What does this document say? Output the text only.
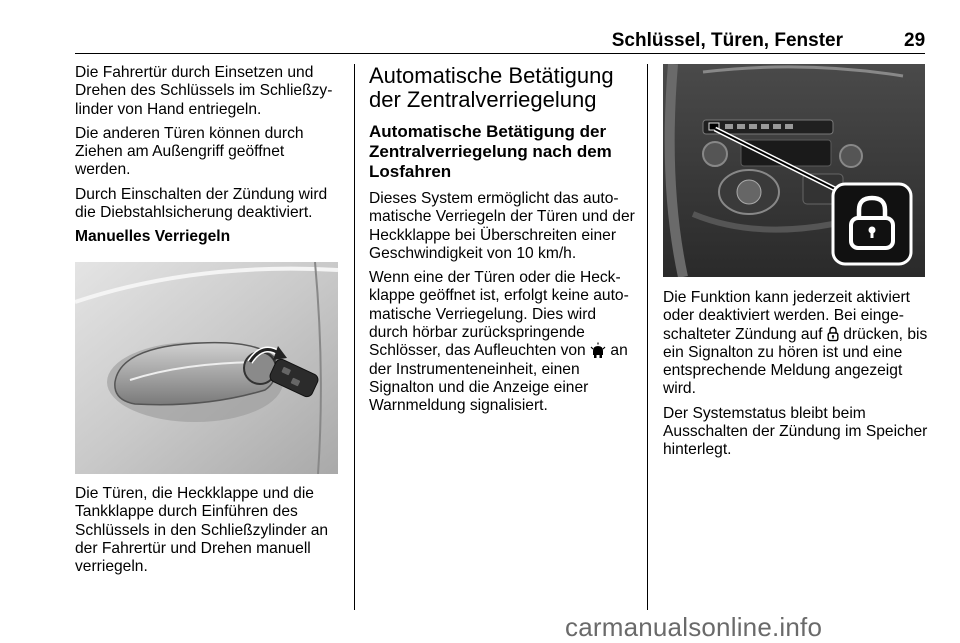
Schlüssel, Türen, Fenster	29

Die Fahrertür durch Einsetzen und Drehen des Schlüssels im Schließzylinder von Hand entriegeln.

Die anderen Türen können durch Ziehen am Außengriff geöffnet werden.

Durch Einschalten der Zündung wird die Diebstahlsicherung deaktiviert.

Manuelles Verriegeln

Die Türen, die Heckklappe und die Tankklappe durch Einführen des Schlüssels in den Schließzylinder an der Fahrertür und Drehen manuell verriegeln.

Automatische Betätigung der Zentralverriegelung
Automatische Betätigung der Zentralverriegelung nach dem Losfahren

Dieses System ermöglicht das automatische Verriegeln der Türen und der Heckklappe bei Überschreiten einer Geschwindigkeit von 10 km/h.

Wenn eine der Türen oder die Heckklappe geöffnet ist, erfolgt keine automatische Verriegelung. Dies wird durch hörbar zurückspringende Schlösser, das Aufleuchten von an der Instrumenteneinheit, einen Signalton und die Anzeige einer Warnmeldung signalisiert.

Die Funktion kann jederzeit aktiviert oder deaktiviert werden. Bei eingeschalteter Zündung auf drücken, bis ein Signalton zu hören ist und eine entsprechende Meldung angezeigt wird.

Der Systemstatus bleibt beim Ausschalten der Zündung im Speicher hinterlegt.

carmanualsonline.info
